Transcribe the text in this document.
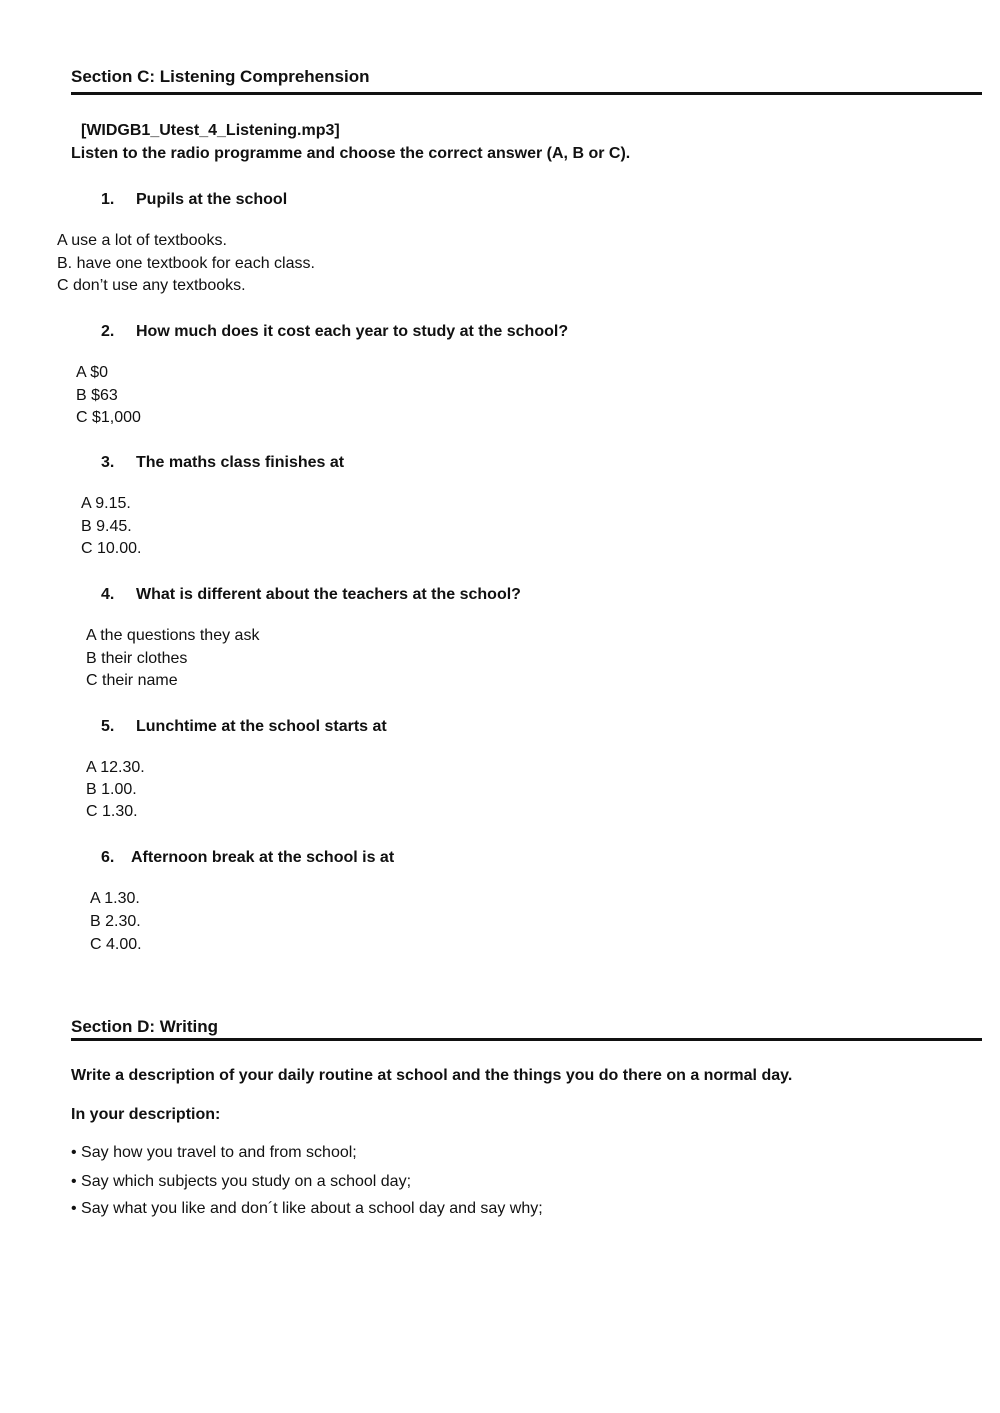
Section C: Listening Comprehension
[WIDGB1_Utest_4_Listening.mp3]
Listen to the radio programme and choose the correct answer (A, B or C).
1. Pupils at the school
A use a lot of textbooks.
B. have one textbook for each class.
C don’t use any textbooks.
2. How much does it cost each year to study at the school?
A $0
B $63
C $1,000
3. The maths class finishes at
A 9.15.
B 9.45.
C 10.00.
4. What is different about the teachers at the school?
A the questions they ask
B their clothes
C their name
5. Lunchtime at the school starts at
A 12.30.
B 1.00.
C 1.30.
6. Afternoon break at the school is at
A 1.30.
B 2.30.
C 4.00.
Section D: Writing
Write a description of your daily routine at school and the things you do there on a normal day.
In your description:
• Say how you travel to and from school;
• Say which subjects you study on a school day;
• Say what you like and don´t like about a school day and say why;
